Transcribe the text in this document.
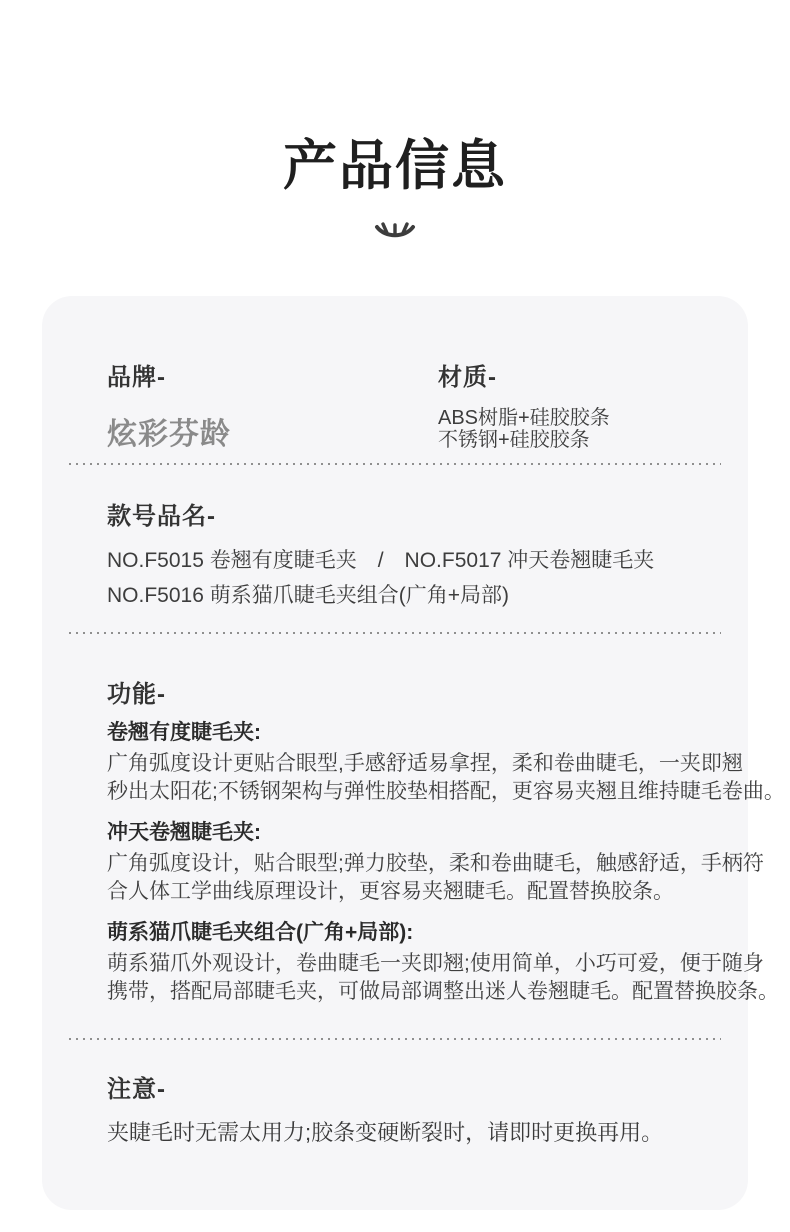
产品信息
品牌-
炫彩芬龄
材质-
ABS树脂+硅胶胶条
不锈钢+硅胶胶条
款号品名-
NO.F5015 卷翘有度睫毛夹　/　NO.F5017 冲天卷翘睫毛夹
NO.F5016 萌系猫爪睫毛夹组合(广角+局部)
功能-
卷翘有度睫毛夹:
广角弧度设计更贴合眼型,手感舒适易拿捏，柔和卷曲睫毛，一夹即翘
秒出太阳花;不锈钢架构与弹性胶垫相搭配，更容易夹翘且维持睫毛卷曲。
冲天卷翘睫毛夹:
广角弧度设计，贴合眼型;弹力胶垫，柔和卷曲睫毛，触感舒适，手柄符
合人体工学曲线原理设计，更容易夹翘睫毛。配置替换胶条。
萌系猫爪睫毛夹组合(广角+局部):
萌系猫爪外观设计，卷曲睫毛一夹即翘;使用简单，小巧可爱，便于随身
携带，搭配局部睫毛夹，可做局部调整出迷人卷翘睫毛。配置替换胶条。
注意-
夹睫毛时无需太用力;胶条变硬断裂时，请即时更换再用。
